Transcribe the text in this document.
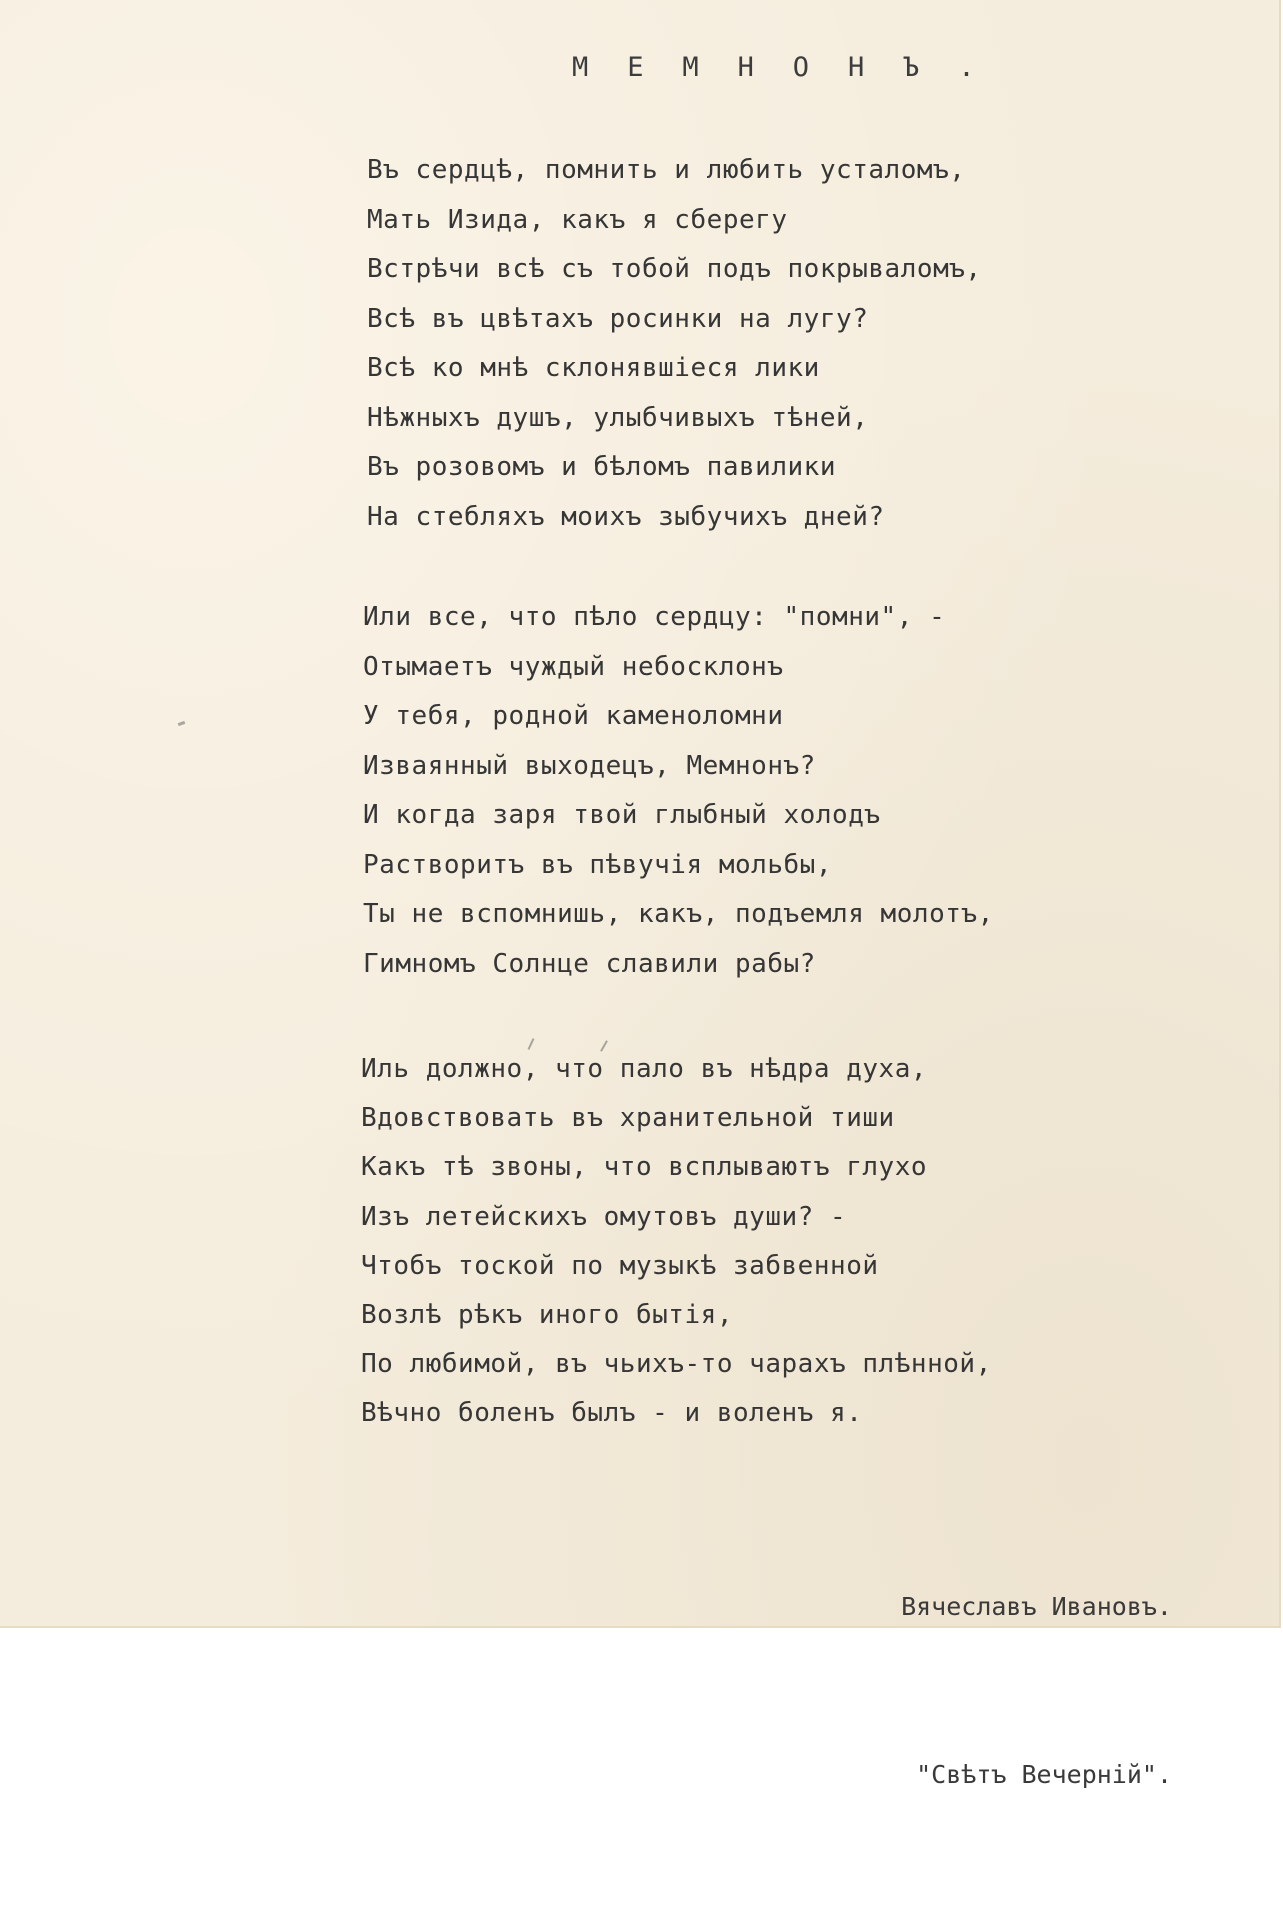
М Е М Н О Н Ъ .
Въ сердцѣ, помнить и любить усталомъ,
Мать Изида, какъ я сберегу
Встрѣчи всѣ съ тобой подъ покрываломъ,
Всѣ въ цвѣтахъ росинки на лугу?
Всѣ ко мнѣ склонявшіеся лики
Нѣжныхъ душъ, улыбчивыхъ тѣней,
Въ розовомъ и бѣломъ павилики
На стебляхъ моихъ зыбучихъ дней?
Или все, что пѣло сердцу: "помни", -
Отымаетъ чуждый небосклонъ
У тебя, родной каменоломни
Изваянный выходецъ, Мемнонъ?
И когда заря твой глыбный холодъ
Растворитъ въ пѣвучія мольбы,
Ты не вспомнишь, какъ, подъемля молотъ,
Гимномъ Солнце славили рабы?
Иль должно, что пало въ нѣдра духа,
Вдовствовать въ хранительной тиши
Какъ тѣ звоны, что всплываютъ глухо
Изъ летейскихъ омутовъ души? -
Чтобъ тоской по музыкѣ забвенной
Возлѣ рѣкъ иного бытія,
По любимой, въ чьихъ-то чарахъ плѣнной,
Вѣчно боленъ былъ - и воленъ я.

Вячеславъ Ивановъ.

"Свѣтъ Вечерній".
